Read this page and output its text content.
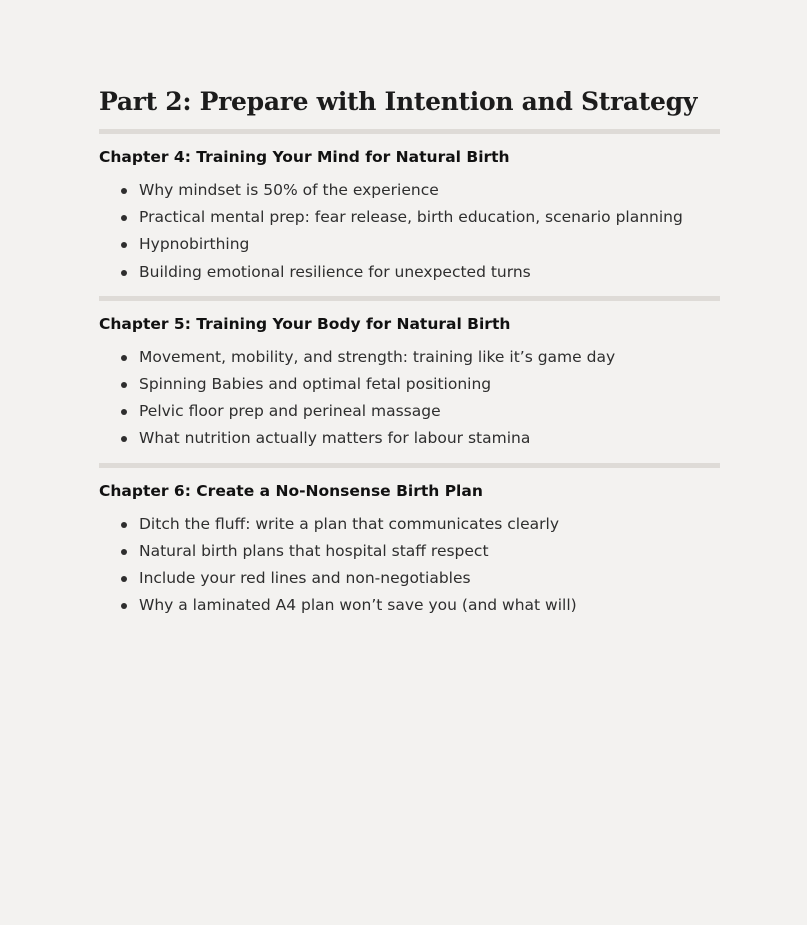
Part 2: Prepare with Intention and Strategy
Chapter 4: Training Your Mind for Natural Birth
Why mindset is 50% of the experience
Practical mental prep: fear release, birth education, scenario planning
Hypnobirthing
Building emotional resilience for unexpected turns
Chapter 5: Training Your Body for Natural Birth
Movement, mobility, and strength: training like it’s game day
Spinning Babies and optimal fetal positioning
Pelvic floor prep and perineal massage
What nutrition actually matters for labour stamina
Chapter 6: Create a No-Nonsense Birth Plan
Ditch the fluff: write a plan that communicates clearly
Natural birth plans that hospital staff respect
Include your red lines and non-negotiables
Why a laminated A4 plan won’t save you (and what will)
